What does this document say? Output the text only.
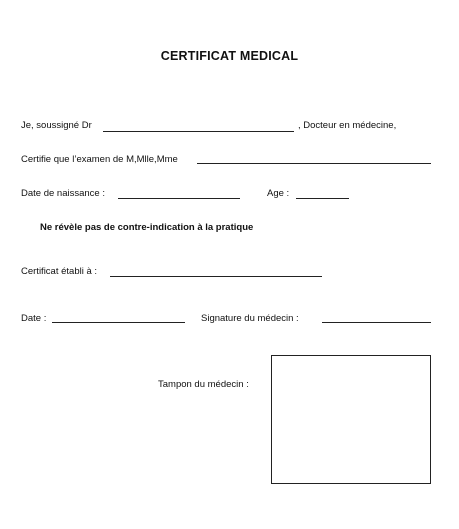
CERTIFICAT MEDICAL
Je, soussigné Dr	, Docteur en médecine,
Certifie que l’examen de M,Mlle,Mme
Date de naissance :	Age :
Ne révèle pas de contre-indication à la pratique
Certificat établi à :
Date :	Signature du médecin :
Tampon du médecin :
